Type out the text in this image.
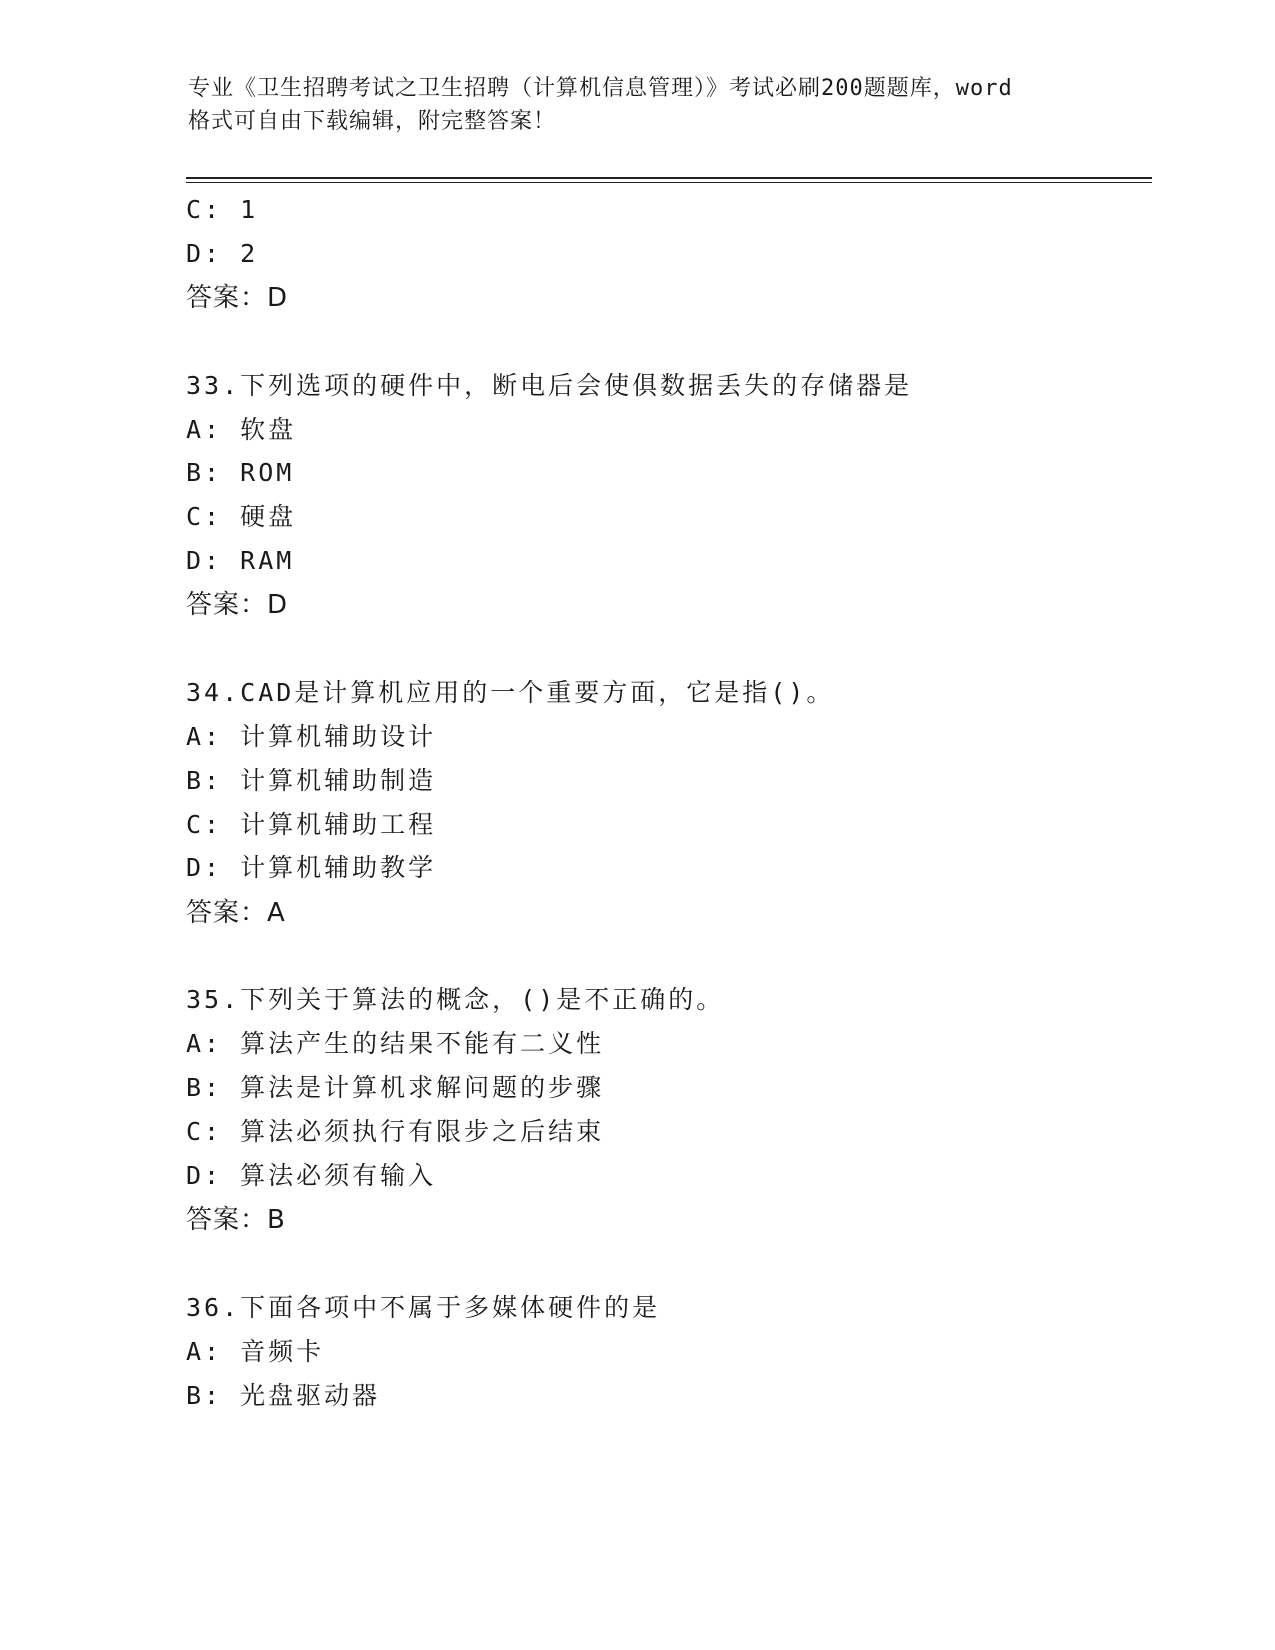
专业《卫生招聘考试之卫生招聘（计算机信息管理）》考试必刷200题题库，word
格式可自由下载编辑，附完整答案！
C: 1
D: 2
答案：D
33.下列选项的硬件中，断电后会使俱数据丢失的存储器是
A: 软盘
B: ROM
C: 硬盘
D: RAM
答案：D
34.CAD是计算机应用的一个重要方面，它是指()。
A: 计算机辅助设计
B: 计算机辅助制造
C: 计算机辅助工程
D: 计算机辅助教学
答案：A
35.下列关于算法的概念，()是不正确的。
A: 算法产生的结果不能有二义性
B: 算法是计算机求解问题的步骤
C: 算法必须执行有限步之后结束
D: 算法必须有输入
答案：B
36.下面各项中不属于多媒体硬件的是
A: 音频卡
B: 光盘驱动器
